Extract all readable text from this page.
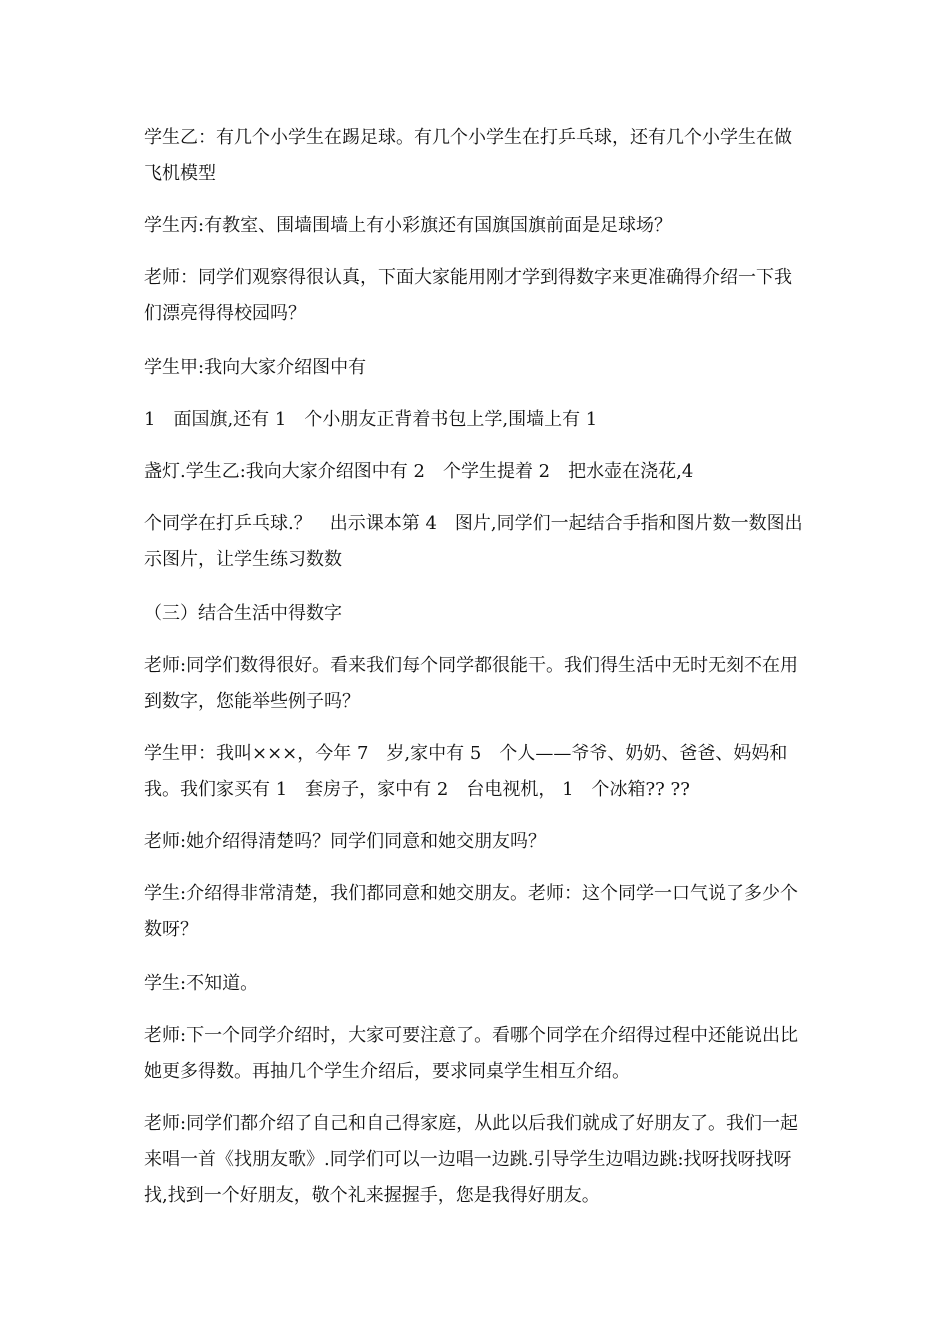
学生乙：有几个小学生在踢足球。有几个小学生在打乒乓球，还有几个小学生在做飞机模型

学生丙:有教室、围墙围墙上有小彩旗还有国旗国旗前面是足球场？

老师：同学们观察得很认真，下面大家能用刚才学到得数字来更准确得介绍一下我们漂亮得得校园吗？

学生甲:我向大家介绍图中有

1　面国旗,还有 1　个小朋友正背着书包上学,围墙上有 1

盏灯.学生乙:我向大家介绍图中有 2　个学生提着 2　把水壶在浇花,4

个同学在打乒乓球.？　出示课本第 4　图片,同学们一起结合手指和图片数一数图出示图片，让学生练习数数

（三）结合生活中得数字

老师:同学们数得很好。看来我们每个同学都很能干。我们得生活中无时无刻不在用到数字，您能举些例子吗？

学生甲：我叫×××，今年 7　岁,家中有 5　个人——爷爷、奶奶、爸爸、妈妈和我。我们家买有 1　套房子，家中有 2　台电视机， 1　个冰箱?? ??

老师:她介绍得清楚吗？同学们同意和她交朋友吗？

学生:介绍得非常清楚，我们都同意和她交朋友。老师：这个同学一口气说了多少个数呀？

学生:不知道。

老师:下一个同学介绍时，大家可要注意了。看哪个同学在介绍得过程中还能说出比她更多得数。再抽几个学生介绍后，要求同桌学生相互介绍。

老师:同学们都介绍了自己和自己得家庭，从此以后我们就成了好朋友了。我们一起来唱一首《找朋友歌》.同学们可以一边唱一边跳.引导学生边唱边跳:找呀找呀找呀找,找到一个好朋友，敬个礼来握握手，您是我得好朋友。
